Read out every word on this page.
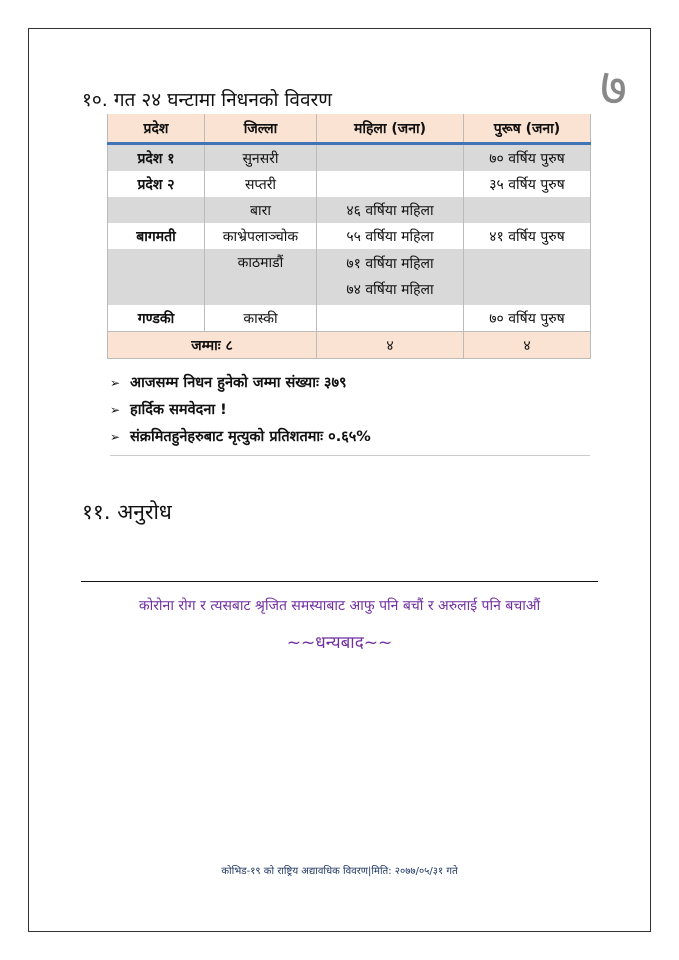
७
१०. गत २४ घन्टामा निधनको विवरण
प्रदेश	जिल्ला	महिला (जना)	पुरूष (जना)
प्रदेश १	सुनसरी		७० वर्षिय पुरुष
प्रदेश २	सप्तरी		३५ वर्षिय पुरुष
	बारा	४६ वर्षिया महिला	
बागमती	काभ्रेपलाञ्चोक	५५ वर्षिया महिला	४१ वर्षिय पुरुष
	काठमाडौं	७१ वर्षिया महिला
७४ वर्षिया महिला	

गण्डकी	कास्की		७० वर्षिय पुरुष
जम्माः ८		४	४
➢ आजसम्म निधन हुनेको जम्मा संख्याः ३७९
➢ हार्दिक समवेदना !
➢ संक्रमितहुनेहरुबाट मृत्युको प्रतिशतमाः ०.६५%
११. अनुरोध
कोरोना रोग र त्यसबाट श्रृजित समस्याबाट आफु पनि बचौं र अरुलाई पनि बचाऔं
~~धन्यबाद~~
कोभिड-१९ को राष्ट्रिय अद्यावधिक विवरण|मिति: २०७७/०५/३१ गते
